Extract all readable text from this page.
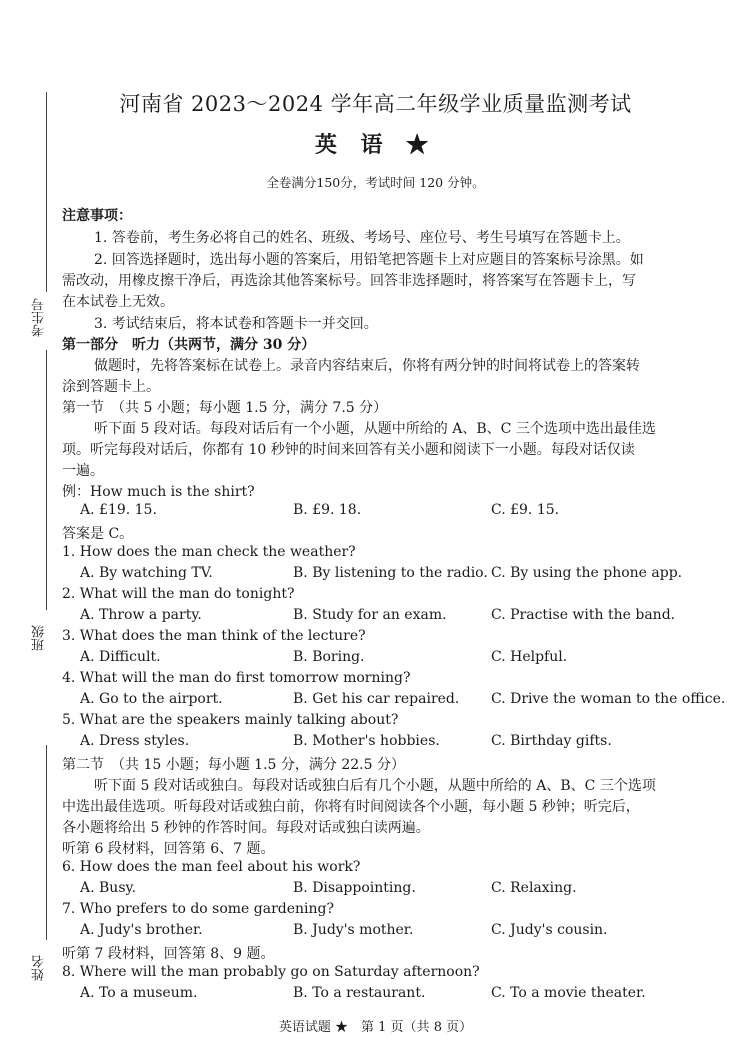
考生号
班级
姓名
河南省 2023～2024 学年高二年级学业质量监测考试
英 语 ★
全卷满分150分，考试时间 120 分钟。
注意事项：
1. 答卷前，考生务必将自己的姓名、班级、考场号、座位号、考生号填写在答题卡上。
2. 回答选择题时，选出每小题的答案后，用铅笔把答题卡上对应题目的答案标号涂黑。如
需改动，用橡皮擦干净后，再选涂其他答案标号。回答非选择题时，将答案写在答题卡上，写
在本试卷上无效。
3. 考试结束后，将本试卷和答题卡一并交回。
第一部分　听力（共两节，满分 30 分）
做题时，先将答案标在试卷上。录音内容结束后，你将有两分钟的时间将试卷上的答案转
涂到答题卡上。
第一节　（共 5 小题；每小题 1.5 分，满分 7.5 分）
听下面 5 段对话。每段对话后有一个小题，从题中所给的 A、B、C 三个选项中选出最佳选
项。听完每段对话后，你都有 10 秒钟的时间来回答有关小题和阅读下一小题。每段对话仅读
一遍。
例：How much is the shirt?
A. £19. 15.	B. £9. 18.	C. £9. 15.
答案是 C。
1. How does the man check the weather?
A. By watching TV.	B. By listening to the radio. C. By using the phone app.
2. What will the man do tonight?
A. Throw a party.	B. Study for an exam.	C. Practise with the band.
3. What does the man think of the lecture?
A. Difficult.	B. Boring.	C. Helpful.
4. What will the man do first tomorrow morning?
A. Go to the airport.	B. Get his car repaired. C. Drive the woman to the office.
5. What are the speakers mainly talking about?
A. Dress styles.	B. Mother's hobbies.	C. Birthday gifts.
第二节　（共 15 小题；每小题 1.5 分，满分 22.5 分）
听下面 5 段对话或独白。每段对话或独白后有几个小题，从题中所给的 A、B、C 三个选项
中选出最佳选项。听每段对话或独白前，你将有时间阅读各个小题，每小题 5 秒钟；听完后，
各小题将给出 5 秒钟的作答时间。每段对话或独白读两遍。
听第 6 段材料，回答第 6、7 题。
6. How does the man feel about his work?
A. Busy.	B. Disappointing.	C. Relaxing.
7. Who prefers to do some gardening?
A. Judy's brother.	B. Judy's mother.	C. Judy's cousin.
听第 7 段材料，回答第 8、9 题。
8. Where will the man probably go on Saturday afternoon?
A. To a museum.	B. To a restaurant.	C. To a movie theater.
英语试题 ★　第 1 页（共 8 页）
